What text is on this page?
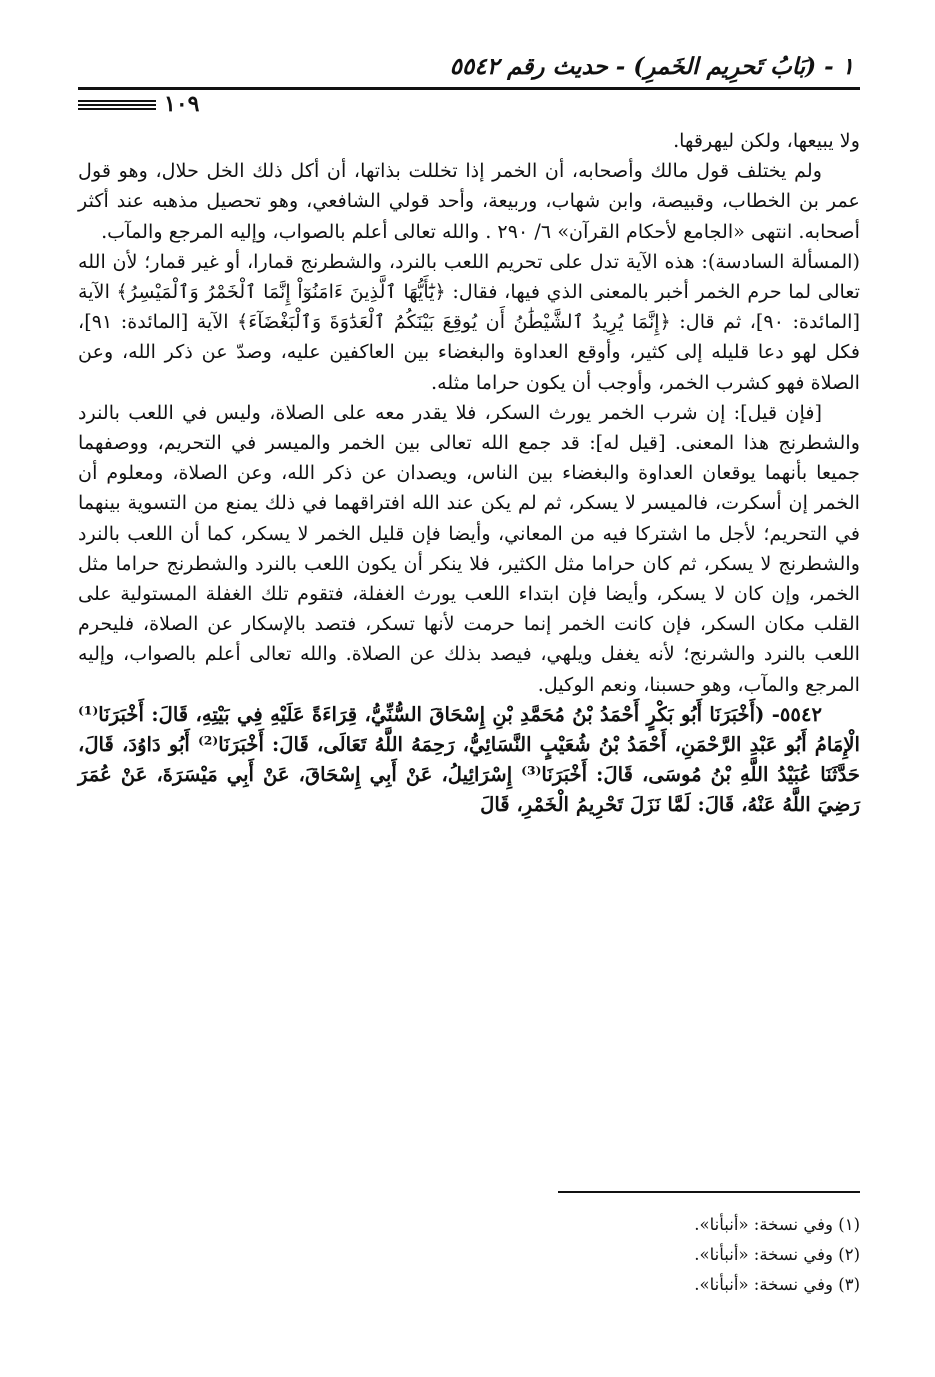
١ - (بَابُ تَحرِيم الخَمرِ) - حديث رقم ٥٥٤٢
١٠٩

ولا يبيعها، ولكن ليهرقها.

ولم يختلف قول مالك وأصحابه، أن الخمر إذا تخللت بذاتها، أن أكل ذلك الخل حلال، وهو قول عمر بن الخطاب، وقبيصة، وابن شهاب، وربيعة، وأحد قولي الشافعي، وهو تحصيل مذهبه عند أكثر أصحابه. انتهى «الجامع لأحكام القرآن» ٦/ ٢٩٠ . والله تعالى أعلم بالصواب، وإليه المرجع والمآب.

(المسألة السادسة): هذه الآية تدل على تحريم اللعب بالنرد، والشطرنج قمارا، أو غير قمار؛ لأن الله تعالى لما حرم الخمر أخبر بالمعنى الذي فيها، فقال: ﴿يَٰٓأَيُّهَا ٱلَّذِينَ ءَامَنُوٓاْ إِنَّمَا ٱلْخَمْرُ وَٱلْمَيْسِرُ﴾ الآية [المائدة: ٩٠]، ثم قال: ﴿إِنَّمَا يُرِيدُ ٱلشَّيْطَٰنُ أَن يُوقِعَ بَيْنَكُمُ ٱلْعَدَٰوَةَ وَٱلْبَغْضَآءَ﴾ الآية [المائدة: ٩١]، فكل لهو دعا قليله إلى كثير، وأوقع العداوة والبغضاء بين العاكفين عليه، وصدّ عن ذكر الله، وعن الصلاة فهو كشرب الخمر، وأوجب أن يكون حراما مثله.

[فإن قيل]: إن شرب الخمر يورث السكر، فلا يقدر معه على الصلاة، وليس في اللعب بالنرد والشطرنج هذا المعنى. [قيل له]: قد جمع الله تعالى بين الخمر والميسر في التحريم، ووصفهما جميعا بأنهما يوقعان العداوة والبغضاء بين الناس، ويصدان عن ذكر الله، وعن الصلاة، ومعلوم أن الخمر إن أسكرت، فالميسر لا يسكر، ثم لم يكن عند الله افتراقهما في ذلك يمنع من التسوية بينهما في التحريم؛ لأجل ما اشتركا فيه من المعاني، وأيضا فإن قليل الخمر لا يسكر، كما أن اللعب بالنرد والشطرنج لا يسكر، ثم كان حراما مثل الكثير، فلا ينكر أن يكون اللعب بالنرد والشطرنج حراما مثل الخمر، وإن كان لا يسكر، وأيضا فإن ابتداء اللعب يورث الغفلة، فتقوم تلك الغفلة المستولية على القلب مكان السكر، فإن كانت الخمر إنما حرمت لأنها تسكر، فتصد بالإسكار عن الصلاة، فليحرم اللعب بالنرد والشرنج؛ لأنه يغفل ويلهي، فيصد بذلك عن الصلاة. والله تعالى أعلم بالصواب، وإليه المرجع والمآب، وهو حسبنا، ونعم الوكيل.

٥٥٤٢- (أَخْبَرَنَا أَبُو بَكْرٍ أَحْمَدُ بْنُ مُحَمَّدِ بْنِ إِسْحَاقَ السُّنِّيُّ، قِرَاءَةً عَلَيْهِ فِي بَيْتِهِ، قَالَ: أَخْبَرَنَا⁽¹⁾ الْإِمَامُ أَبُو عَبْدِ الرَّحْمَنِ، أَحْمَدُ بْنُ شُعَيْبٍ النَّسَائِيُّ، رَحِمَهُ اللَّهُ تَعَالَى، قَالَ: أَخْبَرَنَا⁽²⁾ أَبُو دَاوُدَ، قَالَ، حَدَّثَنَا عُبَيْدُ اللَّهِ بْنُ مُوسَى، قَالَ: أَخْبَرَنَا⁽³⁾ إِسْرَائِيلُ، عَنْ أَبِي إِسْحَاقَ، عَنْ أَبِي مَيْسَرَةَ، عَنْ عُمَرَ رَضِيَ اللَّهُ عَنْهُ، قَالَ: لَمَّا نَزَلَ تَحْرِيمُ الْخَمْرِ، قَالَ

(١) وفي نسخة: «أنبأنا».
(٢) وفي نسخة: «أنبأنا».
(٣) وفي نسخة: «أنبأنا».
